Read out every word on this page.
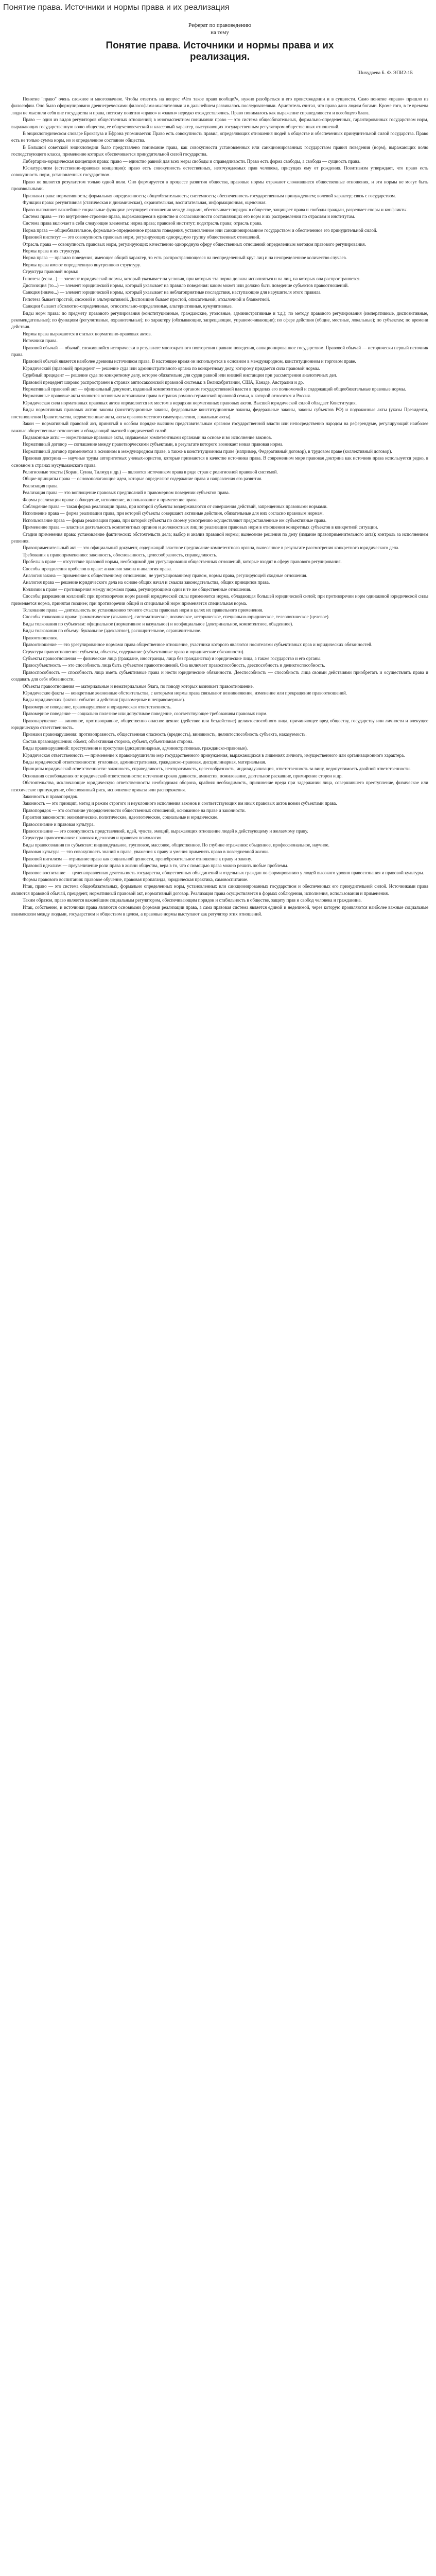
Понятие права. Источники и нормы права и их реализация

Реферат по правоведению

на тему

Понятие права. Источники и нормы права и их

реализация.

Шихудаева Б. Ф. ЭПИ2-1Б

Понятие "право" очень сложное и многозначное. Чтобы ответить на вопрос «Что такое право вообще?», нужно разобраться в его происхождении и в сущности. Само понятие «право» пришло из философии. Оно было сформулировано древнегреческими философами-мыслителями и в дальнейшем развивалось последователями. Аристотель считал, что право дано людям богами. Кроме того, в те времена люди не мыслили себя вне государства и права, поэтому понятия «право» и «закон» нередко отождествлялись. Право понималось как выражение справедливости и всеобщего блага.

Право — один из видов регуляторов общественных отношений; в многоаспектном понимании право — это система общеобязательных, формально-определенных, гарантированных государством норм, выражающих государственную волю общества, ее общечеловеческий и классовый характер, выступающих государственным регулятором общественных отношений.

В энциклопедическом словаре Брокгауза и Ефрона упоминается: Право есть совокупность правил, определяющих отношения людей в обществе и обеспеченных принудительной силой государства. Право есть не только сумма норм, но и определенное состояние общества.

В Большой советской энциклопедии было представлено понимание права, как совокупности установленных или санкционированных государством правил поведения (норм), выражающих волю господствующего класса, применение которых обеспечивается принудительной силой государства.

Либертарно-юридическая концепция права: право — единство равной для всех меры свободы и справедливости. Право есть форма свободы, а свобода — сущность права.

Юснатурализм (естественно-правовая концепция): право есть совокупность естественных, неотчуждаемых прав человека, присущих ему от рождения. Позитивизм утверждает, что право есть совокупность норм, установленных государством.

Право не является результатом только одной воли. Оно формируется в процессе развития общества, правовые нормы отражают сложившиеся общественные отношения, и эти нормы не могут быть произвольными.

Признаки права: нормативность; формальная определенность; общеобязательность; системность; обеспеченность государственным принуждением; волевой характер; связь с государством.

Функции права: регулятивная (статическая и динамическая), охранительная, воспитательная, информационная, оценочная.

Право выполняет важнейшие социальные функции: регулирует отношения между людьми, обеспечивает порядок в обществе, защищает права и свободы граждан, разрешает споры и конфликты.

Система права — это внутреннее строение права, выражающееся в единстве и согласованности составляющих его норм и их распределении по отраслям и институтам.

Система права включает в себя следующие элементы: норма права; правовой институт; подотрасль права; отрасль права.

Норма права — общеобязательное, формально-определенное правило поведения, установленное или санкционированное государством и обеспеченное его принудительной силой.

Правовой институт — это совокупность правовых норм, регулирующих однородную группу общественных отношений.

Отрасль права — совокупность правовых норм, регулирующих качественно однородную сферу общественных отношений определенным методом правового регулирования.

Нормы права и их структура.

Норма права — правило поведения, имеющее общий характер, то есть распространяющееся на неопределенный круг лиц и на неопределенное количество случаев.

Нормы права имеют определенную внутреннюю структуру.

Структура правовой нормы:

Гипотеза (если...) — элемент юридической нормы, который указывает на условия, при которых эта норма должна исполняться и на лиц, на которых она распространяется.

Диспозиция (то...) — элемент юридической нормы, который указывает на правило поведения: каким может или должно быть поведение субъектов правоотношений.

Санкция (иначе...) — элемент юридической нормы, который указывает на неблагоприятные последствия, наступающие для нарушителя этого правила.

Гипотеза бывает простой, сложной и альтернативной. Диспозиция бывает простой, описательной, отсылочной и бланкетной.

Санкции бывают абсолютно-определенные, относительно-определенные, альтернативные, кумулятивные.

Виды норм права: по предмету правового регулирования (конституционные, гражданские, уголовные, административные и т.д.); по методу правового регулирования (императивные, диспозитивные, рекомендательные); по функциям (регулятивные, охранительные); по характеру (обязывающие, запрещающие, управомочивающие); по сфере действия (общие, местные, локальные); по субъектам; по времени действия.

Нормы права выражаются в статьях нормативно-правовых актов.

Источники права.

Правовой обычай — обычай, сложившийся исторически в результате многократного повторения правило поведения, санкционированное государством. Правовой обычай — исторически первый источник права.

Правовой обычай является наиболее древним источником права. В настоящее время он используется в основном в международном, конституционном и торговом праве.

Юридический (правовой) прецедент — решение суда или административного органа по конкретному делу, которому придается сила правовой нормы.

Судебный прецедент — решение суда по конкретному делу, которое обязательно для судов равной или низшей инстанции при рассмотрении аналогичных дел.

Правовой прецедент широко распространен в странах англосаксонской правовой системы: в Великобритании, США, Канаде, Австралии и др.

Нормативный правовой акт — официальный документ, изданный компетентным органом государственной власти в пределах его полномочий и содержащий общеобязательные правовые нормы.

Нормативные правовые акты являются основным источником права в странах романо-германской правовой семьи, к которой относится и Россия.

Юридическая сила нормативных правовых актов определяется их местом в иерархии нормативных правовых актов. Высшей юридической силой обладает Конституция.

Виды нормативных правовых актов: законы (конституционные законы, федеральные конституционные законы, федеральные законы, законы субъектов РФ) и подзаконные акты (указы Президента, постановления Правительства, ведомственные акты, акты органов местного самоуправления, локальные акты).

Закон — нормативный правовой акт, принятый в особом порядке высшим представительным органом государственной власти или непосредственно народом на референдуме, регулирующий наиболее важные общественные отношения и обладающий высшей юридической силой.

Подзаконные акты — нормативные правовые акты, издаваемые компетентными органами на основе и во исполнение законов.

Нормативный договор — соглашение между правотворческими субъектами, в результате которого возникает новая правовая норма.

Нормативный договор применяется в основном в международном праве, а также в конституционном праве (например, Федеративный договор), в трудовом праве (коллективный договор).

Правовая доктрина — научные труды авторитетных ученых-юристов, которые признаются в качестве источника права. В современном мире правовая доктрина как источник права используется редко, в основном в странах мусульманского права.

Религиозные тексты (Коран, Сунна, Талмуд и др.) — являются источником права в ряде стран с религиозной правовой системой.

Общие принципы права — основополагающие идеи, которые определяют содержание права и направления его развития.

Реализация права.

Реализация права — это воплощение правовых предписаний в правомерном поведении субъектов права.

Формы реализации права: соблюдение, исполнение, использование и применение права.

Соблюдение права — такая форма реализации права, при которой субъекты воздерживаются от совершения действий, запрещенных правовыми нормами.

Исполнение права — форма реализации права, при которой субъекты совершают активные действия, обязательные для них согласно правовым нормам.

Использование права — форма реализации права, при которой субъекты по своему усмотрению осуществляют предоставленные им субъективные права.

Применение права — властная деятельность компетентных органов и должностных лиц по реализации правовых норм в отношении конкретных субъектов в конкретной ситуации.

Стадии применения права: установление фактических обстоятельств дела; выбор и анализ правовой нормы; вынесение решения по делу (издание правоприменительного акта); контроль за исполнением решения.

Правоприменительный акт — это официальный документ, содержащий властное предписание компетентного органа, вынесенное в результате рассмотрения конкретного юридического дела.

Требования к правоприменению: законность, обоснованность, целесообразность, справедливость.

Пробелы в праве — отсутствие правовой нормы, необходимой для урегулирования общественных отношений, которые входят в сферу правового регулирования.

Способы преодоления пробелов в праве: аналогия закона и аналогия права.

Аналогия закона — применение к общественному отношению, не урегулированному правом, нормы права, регулирующей сходные отношения.

Аналогия права — решение юридического дела на основе общих начал и смысла законодательства, общих принципов права.

Коллизии в праве — противоречия между нормами права, регулирующими одни и те же общественные отношения.

Способы разрешения коллизий: при противоречии норм разной юридической силы применяется норма, обладающая большей юридической силой; при противоречии норм одинаковой юридической силы применяется норма, принятая позднее; при противоречии общей и специальной норм применяется специальная норма.

Толкование права — деятельность по установлению точного смысла правовых норм в целях их правильного применения.

Способы толкования права: грамматическое (языковое), систематическое, логическое, историческое, специально-юридическое, телеологическое (целевое).

Виды толкования по субъектам: официальное (нормативное и казуальное) и неофициальное (доктринальное, компетентное, обыденное).

Виды толкования по объему: буквальное (адекватное), расширительное, ограничительное.

Правоотношения.

Правоотношение — это урегулированное нормами права общественное отношение, участники которого являются носителями субъективных прав и юридических обязанностей.

Структура правоотношения: субъекты, объекты, содержание (субъективные права и юридические обязанности).

Субъекты правоотношения — физические лица (граждане, иностранцы, лица без гражданства) и юридические лица, а также государство и его органы.

Правосубъектность — это способность лица быть субъектом правоотношений. Она включает правоспособность, дееспособность и деликтоспособность.

Правоспособность — способность лица иметь субъективные права и нести юридические обязанности. Дееспособность — способность лица своими действиями приобретать и осуществлять права и создавать для себя обязанности.

Объекты правоотношения — материальные и нематериальные блага, по поводу которых возникает правоотношение.

Юридические факты — конкретные жизненные обстоятельства, с которыми нормы права связывают возникновение, изменение или прекращение правоотношений.

Виды юридических фактов: события и действия (правомерные и неправомерные).

Правомерное поведение, правонарушение и юридическая ответственность.

Правомерное поведение — социально полезное или допустимое поведение, соответствующее требованиям правовых норм.

Правонарушение — виновное, противоправное, общественно опасное деяние (действие или бездействие) деликтоспособного лица, причиняющее вред обществу, государству или личности и влекущее юридическую ответственность.

Признаки правонарушения: противоправность, общественная опасность (вредность), виновность, деликтоспособность субъекта, наказуемость.

Состав правонарушения: объект, объективная сторона, субъект, субъективная сторона.

Виды правонарушений: преступления и проступки (дисциплинарные, административные, гражданско-правовые).

Юридическая ответственность — применение к правонарушителю мер государственного принуждения, выражающихся в лишениях личного, имущественного или организационного характера.

Виды юридической ответственности: уголовная, административная, гражданско-правовая, дисциплинарная, материальная.

Принципы юридической ответственности: законность, справедливость, неотвратимость, целесообразность, индивидуализация, ответственность за вину, недопустимость двойной ответственности.

Основания освобождения от юридической ответственности: истечение сроков давности, амнистия, помилование, деятельное раскаяние, примирение сторон и др.

Обстоятельства, исключающие юридическую ответственность: необходимая оборона, крайняя необходимость, причинение вреда при задержании лица, совершившего преступление, физическое или психическое принуждение, обоснованный риск, исполнение приказа или распоряжения.

Законность и правопорядок.

Законность — это принцип, метод и режим строгого и неуклонного исполнения законов и соответствующих им иных правовых актов всеми субъектами права.

Правопорядок — это состояние упорядоченности общественных отношений, основанное на праве и законности.

Гарантии законности: экономические, политические, идеологические, социальные и юридические.

Правосознание и правовая культура.

Правосознание — это совокупность представлений, идей, чувств, эмоций, выражающих отношение людей к действующему и желаемому праву.

Структура правосознания: правовая идеология и правовая психология.

Виды правосознания по субъектам: индивидуальное, групповое, массовое, общественное. По глубине отражения: обыденное, профессиональное, научное.

Правовая культура — это совокупность знаний о праве, уважения к праву и умения применять право в повседневной жизни.

Правовой нигилизм — отрицание права как социальной ценности, пренебрежительное отношение к праву и закону.

Правовой идеализм — преувеличение роли права в жизни общества, вера в то, что с помощью права можно решить любые проблемы.

Правовое воспитание — целенаправленная деятельность государства, общественных объединений и отдельных граждан по формированию у людей высокого уровня правосознания и правовой культуры.

Формы правового воспитания: правовое обучение, правовая пропаганда, юридическая практика, самовоспитание.

Итак, право — это система общеобязательных, формально определенных норм, установленных или санкционированных государством и обеспеченных его принудительной силой. Источниками права являются правовой обычай, прецедент, нормативный правовой акт, нормативный договор. Реализация права осуществляется в формах соблюдения, исполнения, использования и применения.

Таким образом, право является важнейшим социальным регулятором, обеспечивающим порядок и стабильность в обществе, защиту прав и свобод человека и гражданина.

Итак, собственно, и источники права являются основными формами реализации права, а сама правовая система является единой и неделимой, через которую проявляются наиболее важные социальные взаимосвязи между людьми, государством и обществом в целом, а правовые нормы выступают как регулятор этих отношений.
